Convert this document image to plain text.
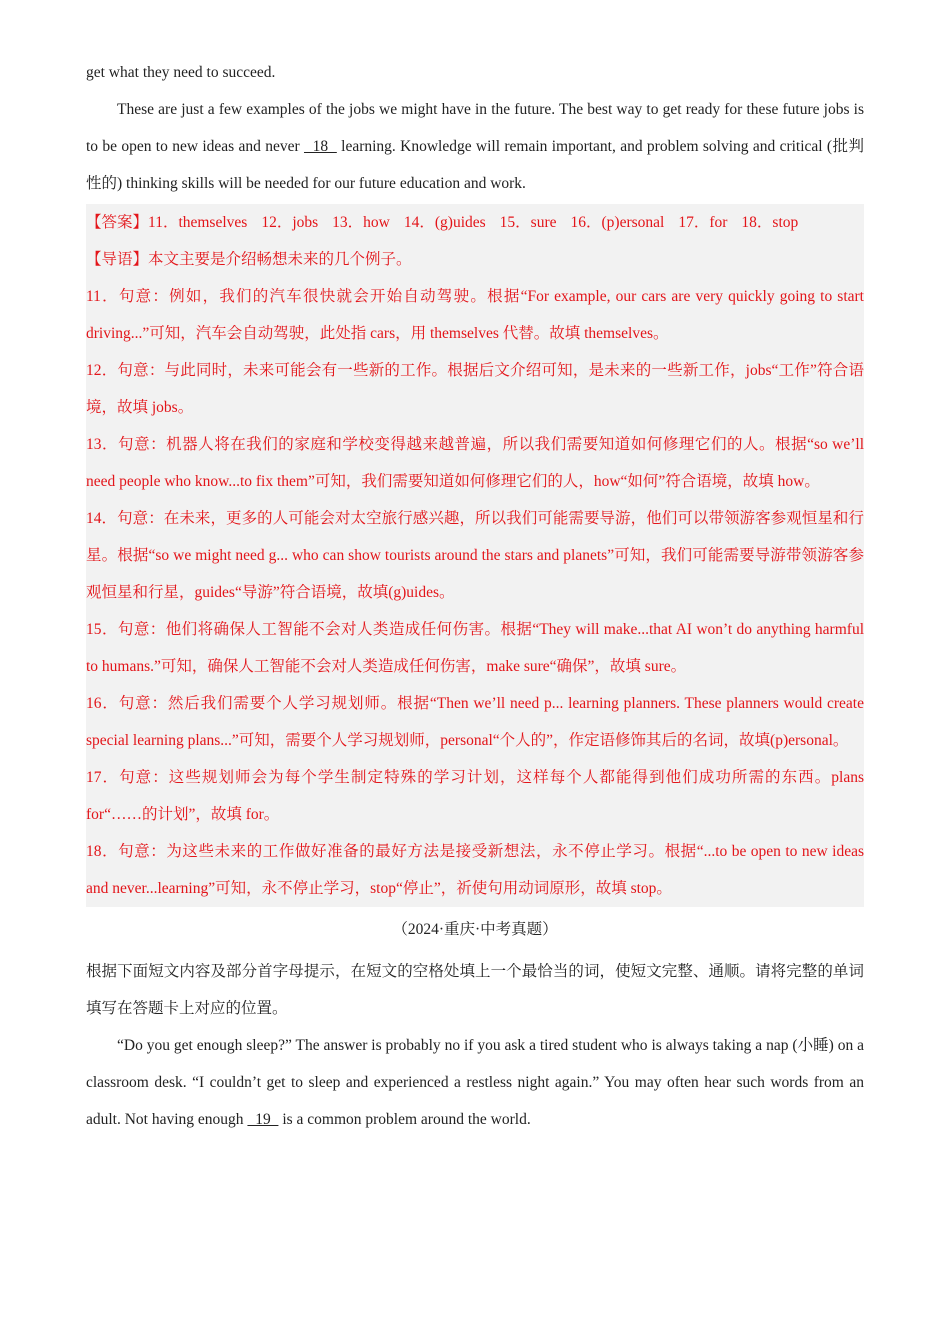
get what they need to succeed.

These are just a few examples of the jobs we might have in the future. The best way to get ready for these future jobs is to be open to new ideas and never   18   learning. Knowledge will remain important, and problem solving and critical (批判性的) thinking skills will be needed for our future education and work.

【答案】11．themselves 12．jobs 13．how 14．(g)uides 15．sure 16．(p)ersonal 17．for 18．stop

【导语】本文主要是介绍畅想未来的几个例子。

11．句意：例如，我们的汽车很快就会开始自动驾驶。根据“For example, our cars are very quickly going to start driving...”可知，汽车会自动驾驶，此处指 cars，用 themselves 代替。故填 themselves。

12．句意：与此同时，未来可能会有一些新的工作。根据后文介绍可知，是未来的一些新工作，jobs“工作”符合语境，故填 jobs。

13．句意：机器人将在我们的家庭和学校变得越来越普遍，所以我们需要知道如何修理它们的人。根据“so we’ll need people who know...to fix them”可知，我们需要知道如何修理它们的人，how“如何”符合语境，故填 how。

14．句意：在未来，更多的人可能会对太空旅行感兴趣，所以我们可能需要导游，他们可以带领游客参观恒星和行星。根据“so we might need g... who can show tourists around the stars and planets”可知，我们可能需要导游带领游客参观恒星和行星，guides“导游”符合语境，故填(g)uides。

15．句意：他们将确保人工智能不会对人类造成任何伤害。根据“They will make...that AI won’t do anything harmful to humans.”可知，确保人工智能不会对人类造成任何伤害，make sure“确保”，故填 sure。

16．句意：然后我们需要个人学习规划师。根据“Then we’ll need p... learning planners. These planners would create special learning plans...”可知，需要个人学习规划师，personal“个人的”，作定语修饰其后的名词，故填(p)ersonal。

17．句意：这些规划师会为每个学生制定特殊的学习计划，这样每个人都能得到他们成功所需的东西。plans for“……的计划”，故填 for。

18．句意：为这些未来的工作做好准备的最好方法是接受新想法，永不停止学习。根据“...to be open to new ideas and never...learning”可知，永不停止学习，stop“停止”，祈使句用动词原形，故填 stop。

（2024·重庆·中考真题）

根据下面短文内容及部分首字母提示，在短文的空格处填上一个最恰当的词，使短文完整、通顺。请将完整的单词填写在答题卡上对应的位置。

“Do you get enough sleep?” The answer is probably no if you ask a tired student who is always taking a nap (小睡) on a classroom desk. “I couldn’t get to sleep and experienced a restless night again.” You may often hear such words from an adult. Not having enough   19   is a common problem around the world.
